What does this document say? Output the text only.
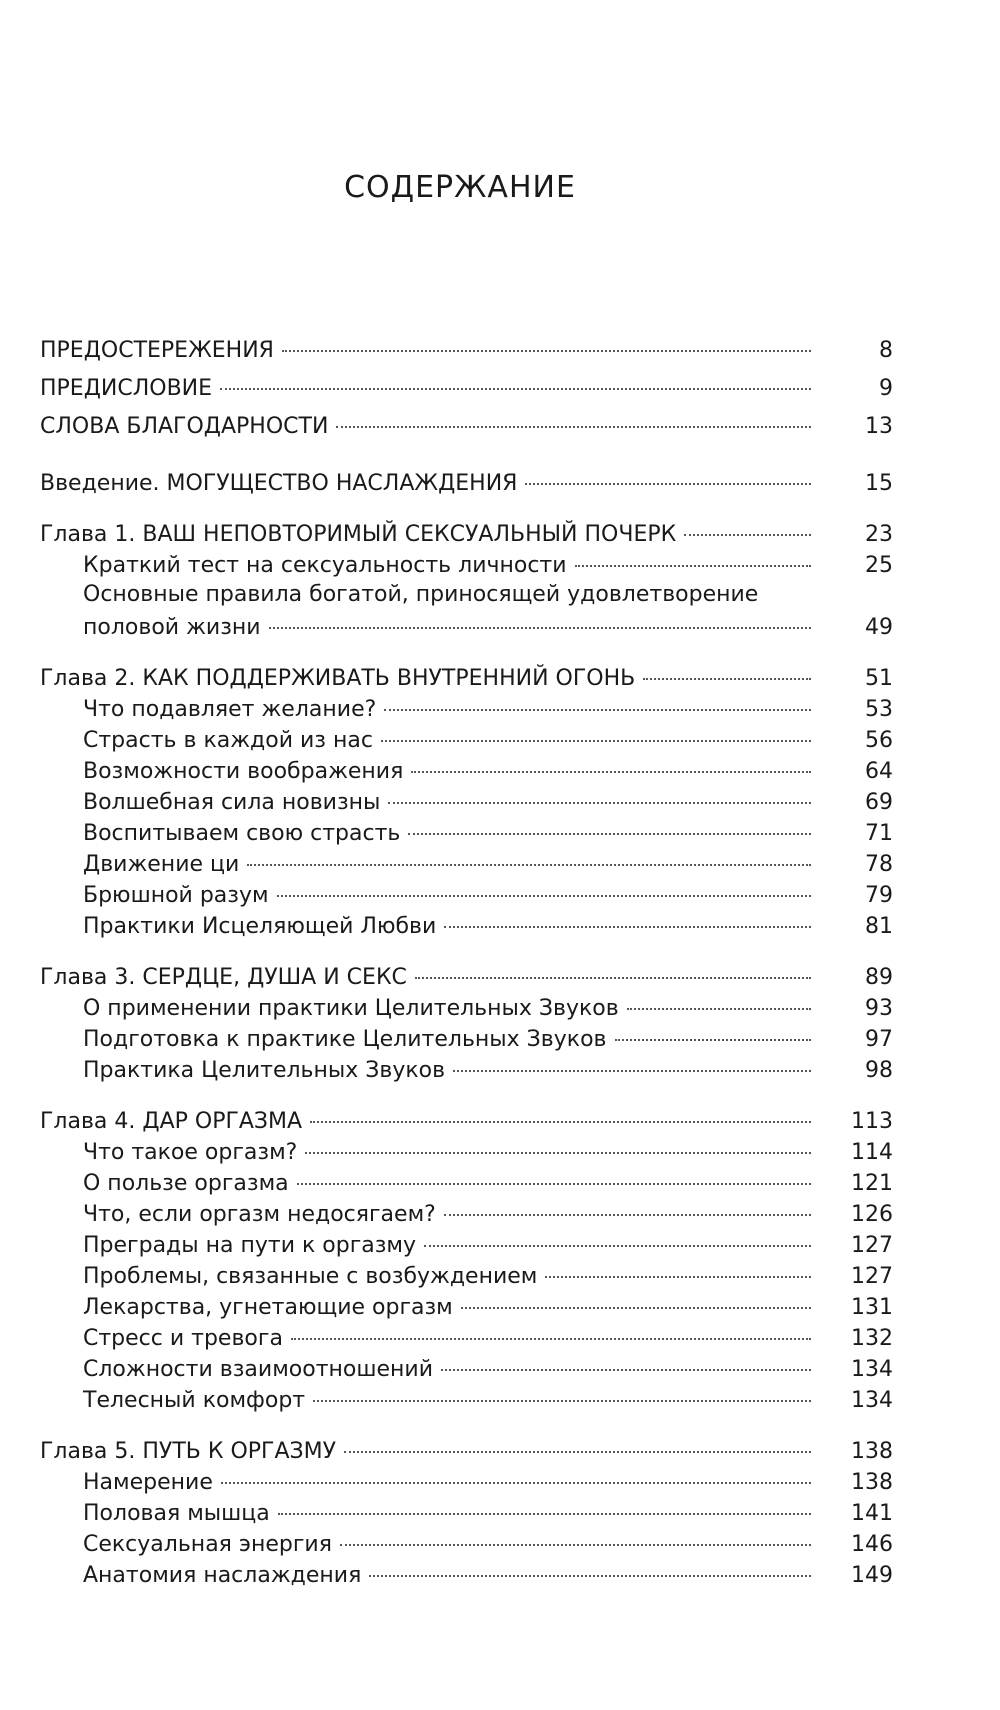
СОДЕРЖАНИЕ
ПРЕДОСТЕРЕЖЕНИЯ	8
ПРЕДИСЛОВИЕ	9
СЛОВА БЛАГОДАРНОСТИ	13
Введение. МОГУЩЕСТВО НАСЛАЖДЕНИЯ	15
Глава 1. ВАШ НЕПОВТОРИМЫЙ СЕКСУАЛЬНЫЙ ПОЧЕРК	23
Краткий тест на сексуальность личности	25
Основные правила богатой, приносящей удовлетворение
половой жизни	49
Глава 2. КАК ПОДДЕРЖИВАТЬ ВНУТРЕННИЙ ОГОНЬ	51
Что подавляет желание?	53
Страсть в каждой из нас	56
Возможности воображения	64
Волшебная сила новизны	69
Воспитываем свою страсть	71
Движение ци	78
Брюшной разум	79
Практики Исцеляющей Любви	81
Глава 3. СЕРДЦЕ, ДУША И СЕКС	89
О применении практики Целительных Звуков	93
Подготовка к практике Целительных Звуков	97
Практика Целительных Звуков	98
Глава 4. ДАР ОРГАЗМА	113
Что такое оргазм?	114
О пользе оргазма	121
Что, если оргазм недосягаем?	126
Преграды на пути к оргазму	127
Проблемы, связанные с возбуждением	127
Лекарства, угнетающие оргазм	131
Стресс и тревога	132
Сложности взаимоотношений	134
Телесный комфорт	134
Глава 5. ПУТЬ К ОРГАЗМУ	138
Намерение	138
Половая мышца	141
Сексуальная энергия	146
Анатомия наслаждения	149
